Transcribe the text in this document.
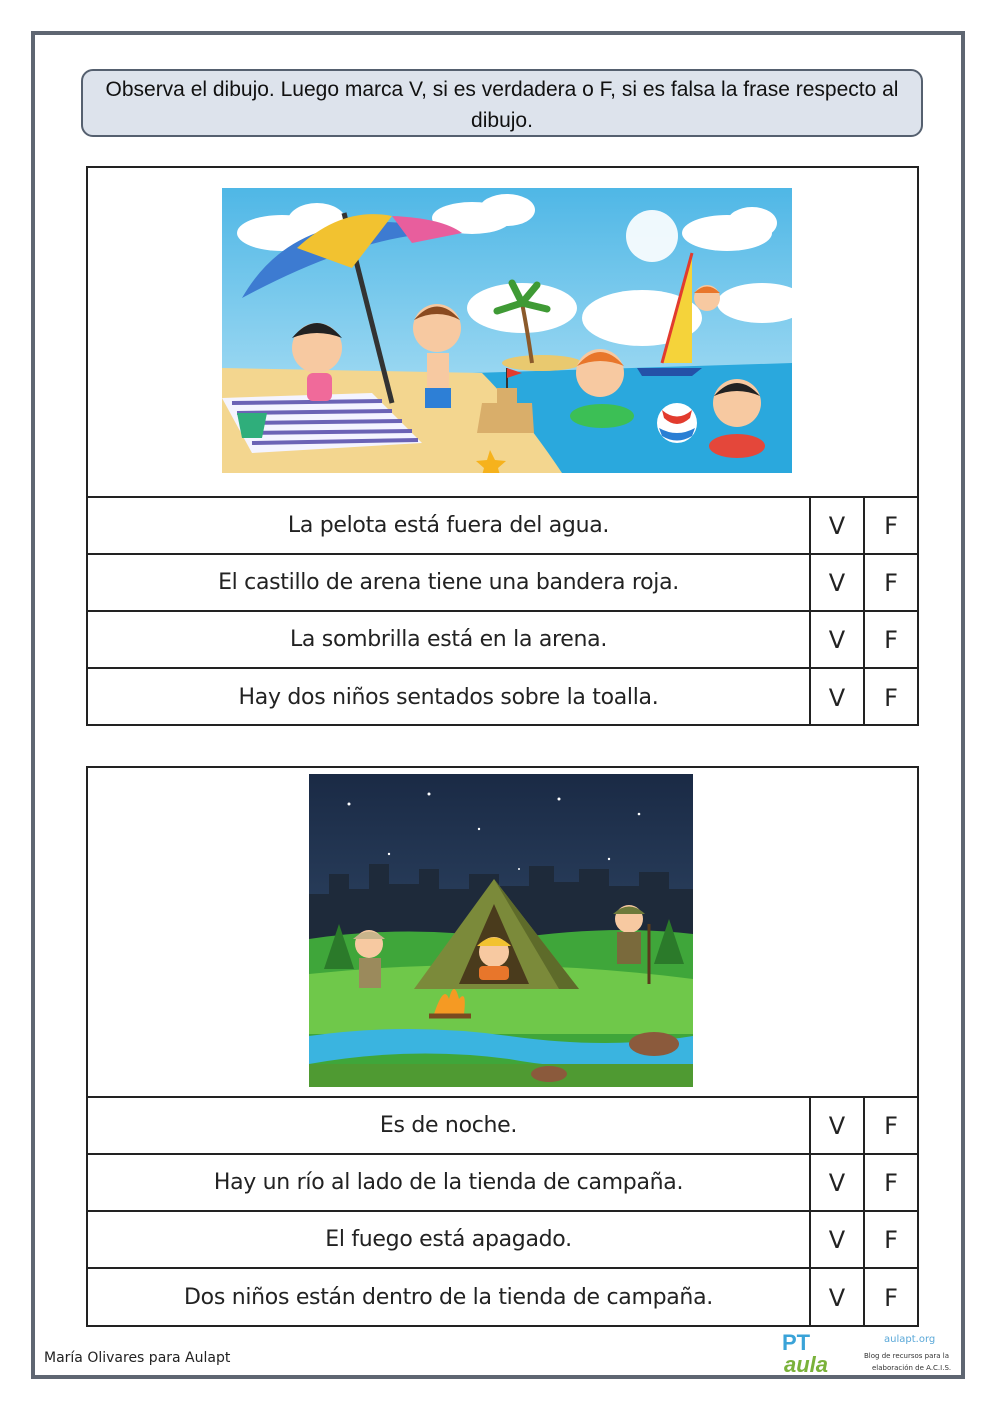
Observa el dibujo. Luego marca V, si es verdadera o F, si es falsa la frase respecto al dibujo.
La pelota está fuera del agua.	V	F
El castillo de arena tiene una bandera roja.	V	F
La sombrilla está en la arena.	V	F
Hay dos niños sentados sobre la toalla.	V	F
Es de noche.	V	F
Hay un río al lado de la tienda de campaña.	V	F
El fuego está apagado.	V	F
Dos niños están dentro de la tienda de campaña.	V	F
María Olivares para Aulapt
PT
aula
aulapt.org
Blog de recursos para la
elaboración de A.C.I.S.
